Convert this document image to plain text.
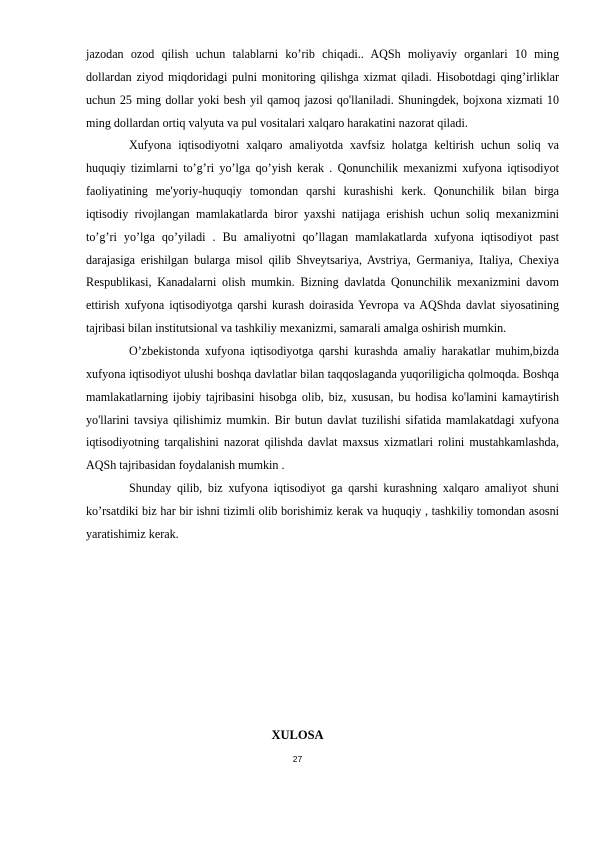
jazodan ozod qilish uchun talablarni ko’rib chiqadi.. AQSh moliyaviy organlari 10 ming dollardan ziyod miqdoridagi pulni monitoring qilishga xizmat qiladi. Hisobotdagi qing’irliklar uchun 25 ming dollar yoki besh yil qamoq jazosi qo'llaniladi. Shuningdek, bojxona xizmati 10 ming dollardan ortiq valyuta va pul vositalari xalqaro harakatini nazorat qiladi.

Xufyona iqtisodiyotni xalqaro amaliyotda xavfsiz holatga keltirish uchun soliq va huquqiy tizimlarni to’g’ri yo’lga qo’yish kerak . Qonunchilik mexanizmi xufyona iqtisodiyot faoliyatining me'yoriy-huquqiy tomondan qarshi kurashishi kerk. Qonunchilik bilan birga iqtisodiy rivojlangan mamlakatlarda biror yaxshi natijaga erishish uchun soliq mexanizmini to’g’ri yo’lga qo’yiladi . Bu amaliyotni qo’llagan mamlakatlarda xufyona iqtisodiyot past darajasiga erishilgan bularga misol qilib Shveytsariya, Avstriya, Germaniya, Italiya, Chexiya Respublikasi, Kanadalarni olish mumkin. Bizning davlatda Qonunchilik mexanizmini davom ettirish xufyona iqtisodiyotga qarshi kurash doirasida Yevropa va AQShda davlat siyosatining tajribasi bilan institutsional va tashkiliy mexanizmi, samarali amalga oshirish mumkin.

O’zbekistonda xufyona iqtisodiyotga qarshi kurashda amaliy harakatlar muhim,bizda xufyona iqtisodiyot ulushi boshqa davlatlar bilan taqqoslaganda yuqoriligicha qolmoqda. Boshqa mamlakatlarning ijobiy tajribasini hisobga olib, biz, xususan, bu hodisa ko'lamini kamaytirish yo'llarini tavsiya qilishimiz mumkin. Bir butun davlat tuzilishi sifatida mamlakatdagi xufyona iqtisodiyotning tarqalishini nazorat qilishda davlat maxsus xizmatlari rolini mustahkamlashda, AQSh tajribasidan foydalanish mumkin .

Shunday qilib, biz xufyona iqtisodiyot ga qarshi kurashning xalqaro amaliyot shuni ko’rsatdiki biz har bir ishni tizimli olib borishimiz kerak va huquqiy , tashkiliy tomondan asosni yaratishimiz kerak.

XULOSA
27
